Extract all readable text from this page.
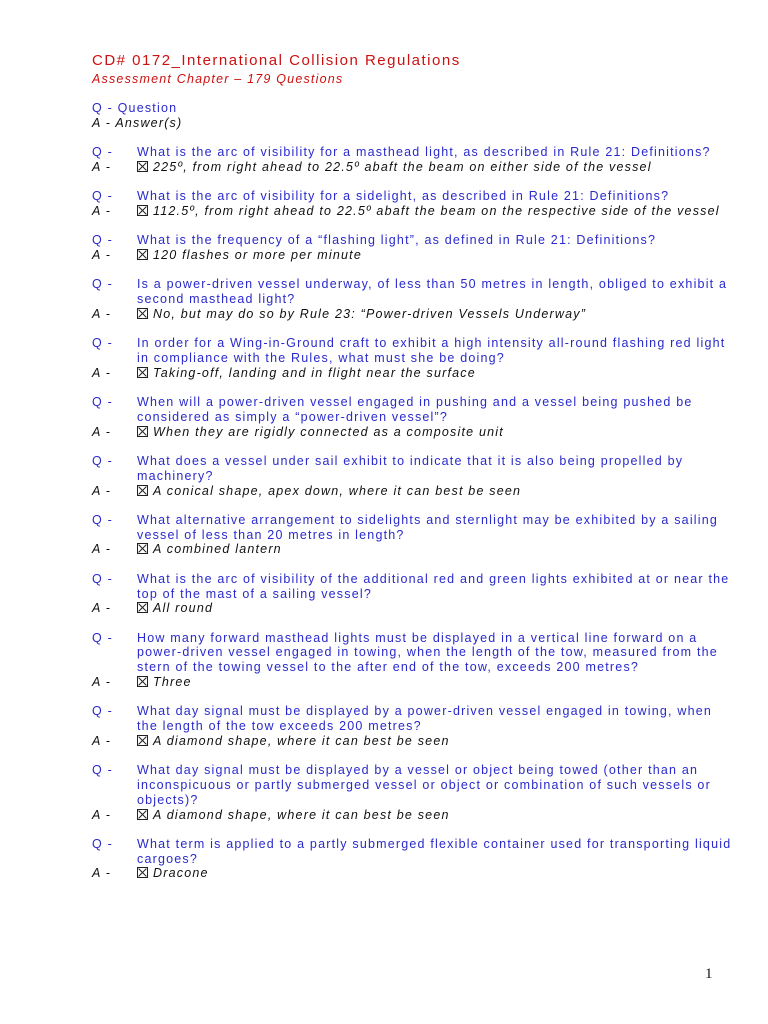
CD# 0172_International Collision Regulations
Assessment Chapter – 179 Questions
Q - Question
A - Answer(s)
Q -	What is the arc of visibility for a masthead light, as described in Rule 21: Definitions?
A -	225º, from right ahead to 22.5º abaft the beam on either side of the vessel
Q -	What is the arc of visibility for a sidelight, as described in Rule 21: Definitions?
A -	112.5º, from right ahead to 22.5º abaft the beam on the respective side of the vessel
Q -	What is the frequency of a “flashing light”, as defined in Rule 21: Definitions?
A -	120 flashes or more per minute
Q -	Is a power-driven vessel underway, of less than 50 metres in length, obliged to exhibit a second masthead light?
A -	No, but may do so by Rule 23: “Power-driven Vessels Underway”
Q -	In order for a Wing-in-Ground craft to exhibit a high intensity all-round flashing red light in compliance with the Rules, what must she be doing?
A -	Taking-off, landing and in flight near the surface
Q -	When will a power-driven vessel engaged in pushing and a vessel being pushed be considered as simply a “power-driven vessel”?
A -	When they are rigidly connected as a composite unit
Q -	What does a vessel under sail exhibit to indicate that it is also being propelled by machinery?
A -	A conical shape, apex down, where it can best be seen
Q -	What alternative arrangement to sidelights and sternlight may be exhibited by a sailing vessel of less than 20 metres in length?
A -	A combined lantern
Q -	What is the arc of visibility of the additional red and green lights exhibited at or near the top of the mast of a sailing vessel?
A -	All round
Q -	How many forward masthead lights must be displayed in a vertical line forward on a power-driven vessel engaged in towing, when the length of the tow, measured from the stern of the towing vessel to the after end of the tow, exceeds 200 metres?
A -	Three
Q -	What day signal must be displayed by a power-driven vessel engaged in towing, when the length of the tow exceeds 200 metres?
A -	A diamond shape, where it can best be seen
Q -	What day signal must be displayed by a vessel or object being towed (other than an inconspicuous or partly submerged vessel or object or combination of such vessels or objects)?
A -	A diamond shape, where it can best be seen
Q -	What term is applied to a partly submerged flexible container used for transporting liquid cargoes?
A -	Dracone
1
